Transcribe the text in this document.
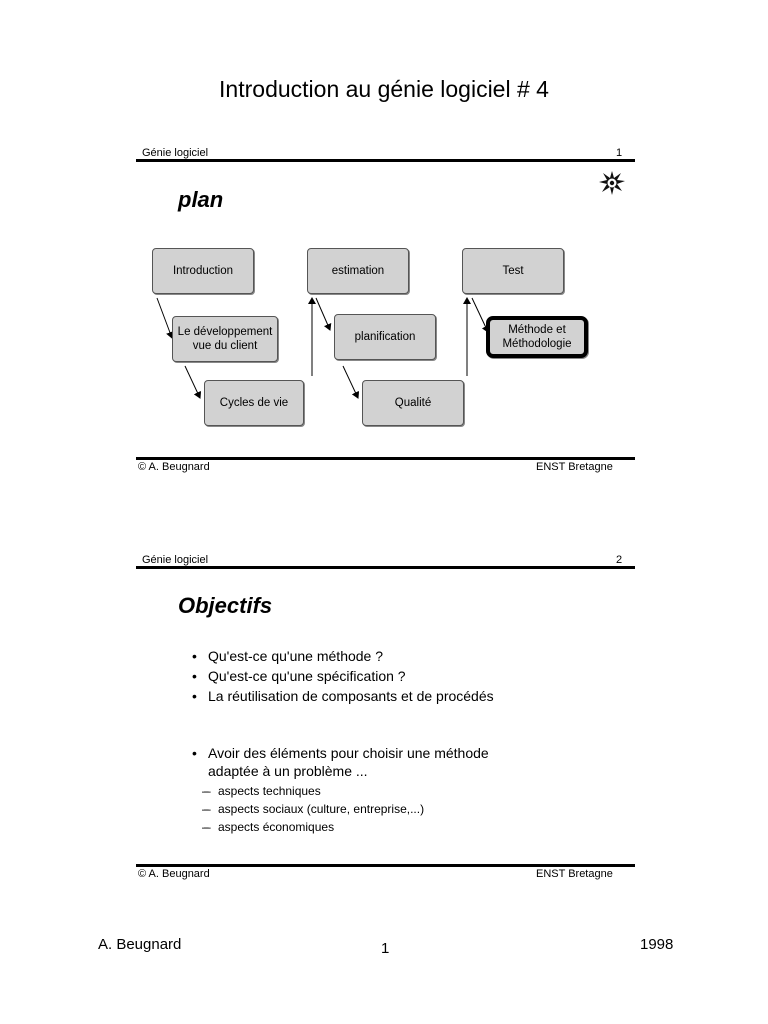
Introduction au génie logiciel # 4
Génie logiciel	1
plan
Introduction	estimation	Test
Le développement
vue du client
planification
Méthode et
Méthodologie
Cycles de vie	Qualité
© A. Beugnard	ENST Bretagne
Génie logiciel	2
Objectifs
• Qu'est-ce qu'une méthode ?
• Qu'est-ce qu'une spécification ?
• La réutilisation de composants et de procédés
• Avoir des éléments pour choisir une méthode
adaptée à un problème ...
– – aspects techniques
– – aspects sociaux (culture, entreprise,...)
– – aspects économiques
© A. Beugnard	ENST Bretagne
A. Beugnard	1	1998
